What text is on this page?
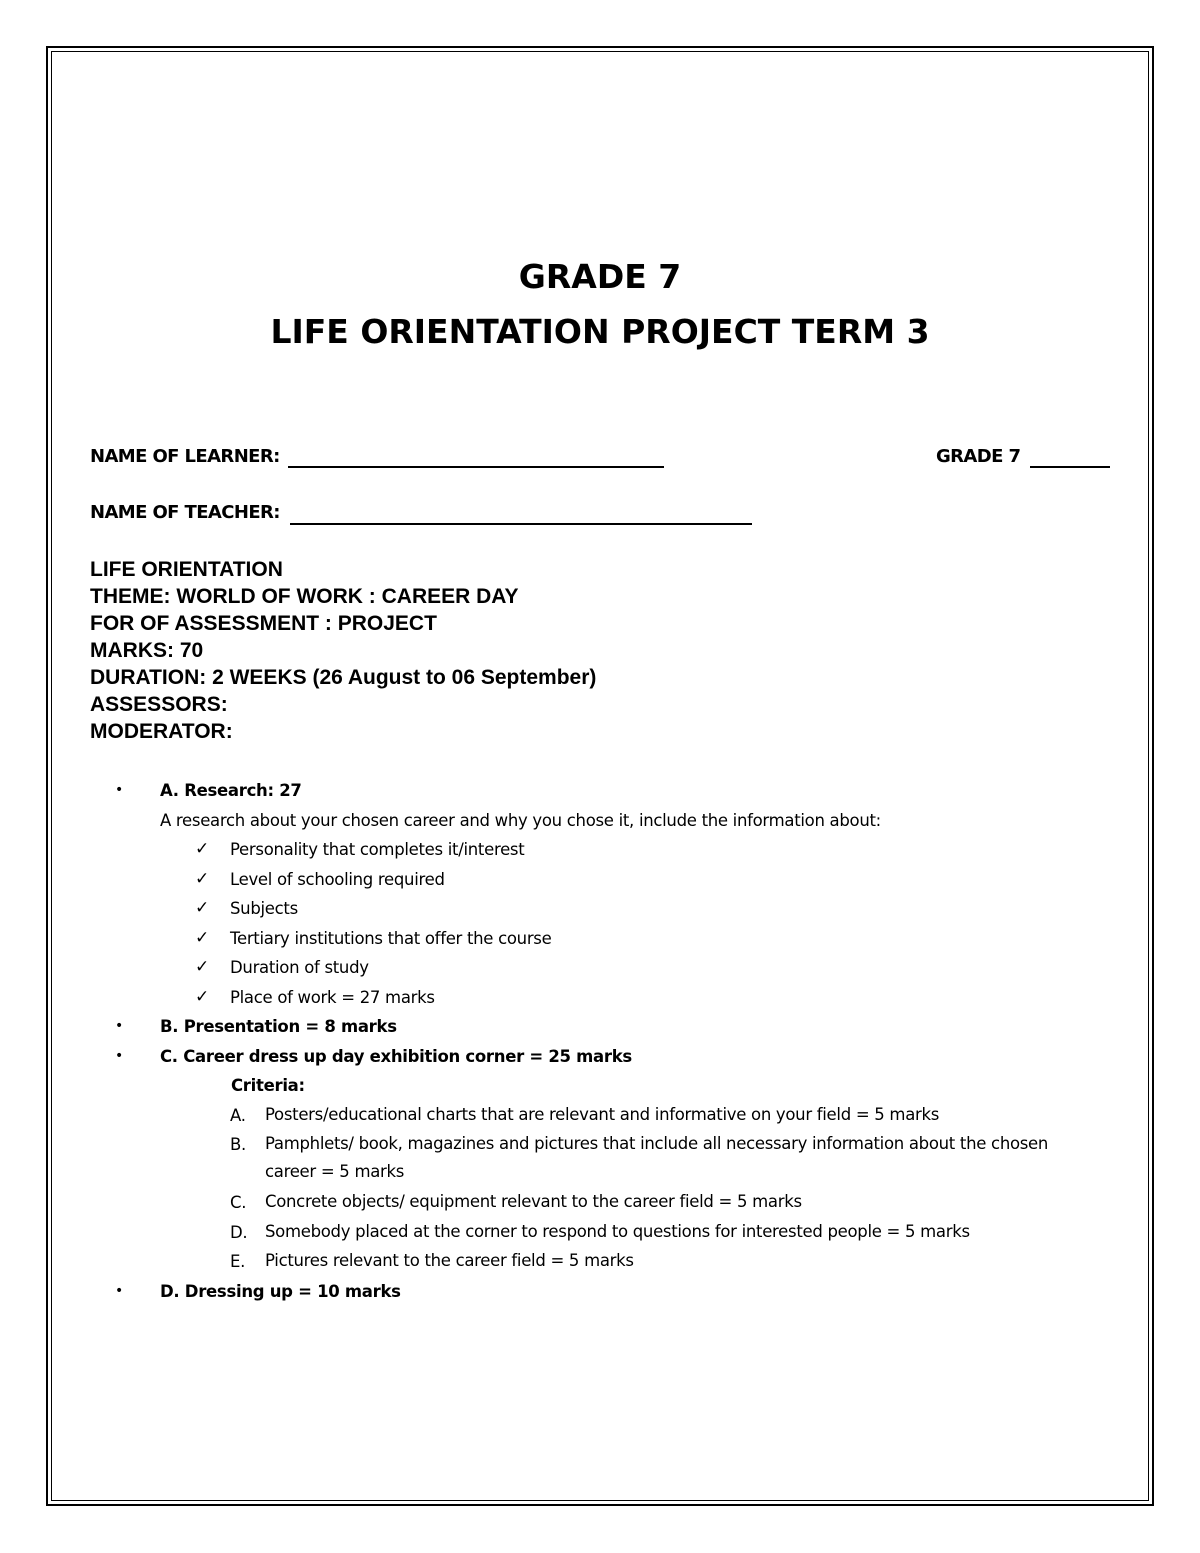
GRADE 7
LIFE ORIENTATION PROJECT TERM 3
NAME OF LEARNER:	GRADE 7
NAME OF TEACHER:
LIFE ORIENTATION
THEME: WORLD OF WORK : CAREER DAY
FOR OF ASSESSMENT : PROJECT
MARKS: 70
DURATION: 2 WEEKS (26 August to 06 September)
ASSESSORS:
MODERATOR:
• A. Research: 27
A research about your chosen career and why you chose it, include the information about:
✓ Personality that completes it/interest
✓ Level of schooling required
✓ Subjects
✓ Tertiary institutions that offer the course
✓ Duration of study
✓ Place of work = 27 marks
• B. Presentation = 8 marks
• C. Career dress up day exhibition corner = 25 marks
Criteria:
A. Posters/educational charts that are relevant and informative on your field = 5 marks
B. Pamphlets/ book, magazines and pictures that include all necessary information about the chosen career = 5 marks
C. Concrete objects/ equipment relevant to the career field = 5 marks
D. Somebody placed at the corner to respond to questions for interested people = 5 marks
E. Pictures relevant to the career field = 5 marks
• D. Dressing up = 10 marks
